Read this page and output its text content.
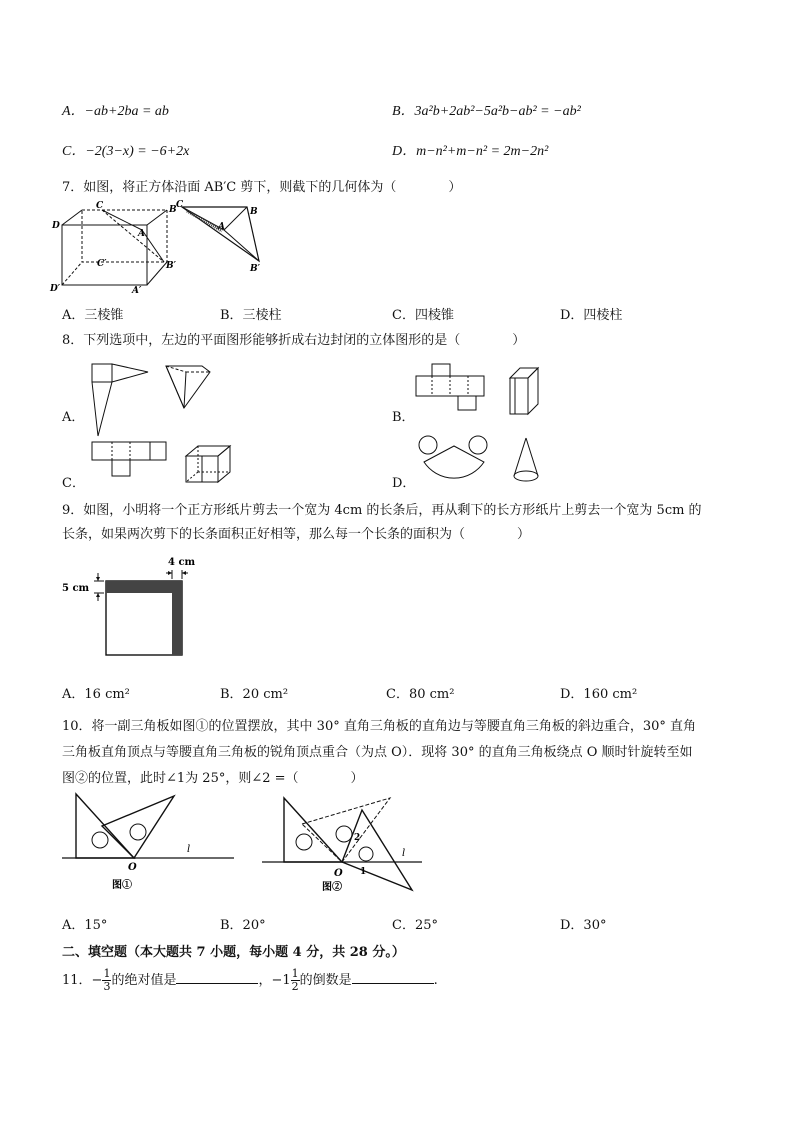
A．−ab+2ba = ab	B．3a²b+2ab²−5a²b−ab² = −ab²
C．−2(3−x) = −6+2x	D．m−n²+m−n² = 2m−2n²
7．如图，将正方体沿面 AB′C 剪下，则截下的几何体为（　　　　）
C	B
D
A
B′
C′
D′	A′
C
B
A
B′
A．三棱锥	B．三棱柱	C．四棱锥	D．四棱柱
8．下列选项中，左边的平面图形能够折成右边封闭的立体图形的是（　　　　）
A．	B．
C．	D．
9．如图，小明将一个正方形纸片剪去一个宽为 4cm 的长条后，再从剩下的长方形纸片上剪去一个宽为 5cm 的
长条，如果两次剪下的长条面积正好相等，那么每一个长条的面积为（　　　　）
4 cm
5 cm
A．16 cm²	B．20 cm²	C．80 cm²	D．160 cm²
10．将一副三角板如图①的位置摆放，其中 30° 直角三角板的直角边与等腰直角三角板的斜边重合，30° 直角
三角板直角顶点与等腰直角三角板的锐角顶点重合（为点 O）．现将 30° 的直角三角板绕点 O 顺时针旋转至如
图②的位置，此时∠1为 25°，则∠2 =（　　　　）
O
l
图①
O
l
1
2
图②
A．15°	B．20°	C．25°	D．30°
二、填空题（本大题共 7 小题，每小题 4 分，共 28 分。）
11．− $\frac{1}{3}$ 的绝对值是	，$-1 \frac{1}{2}$ 的倒数是	.
